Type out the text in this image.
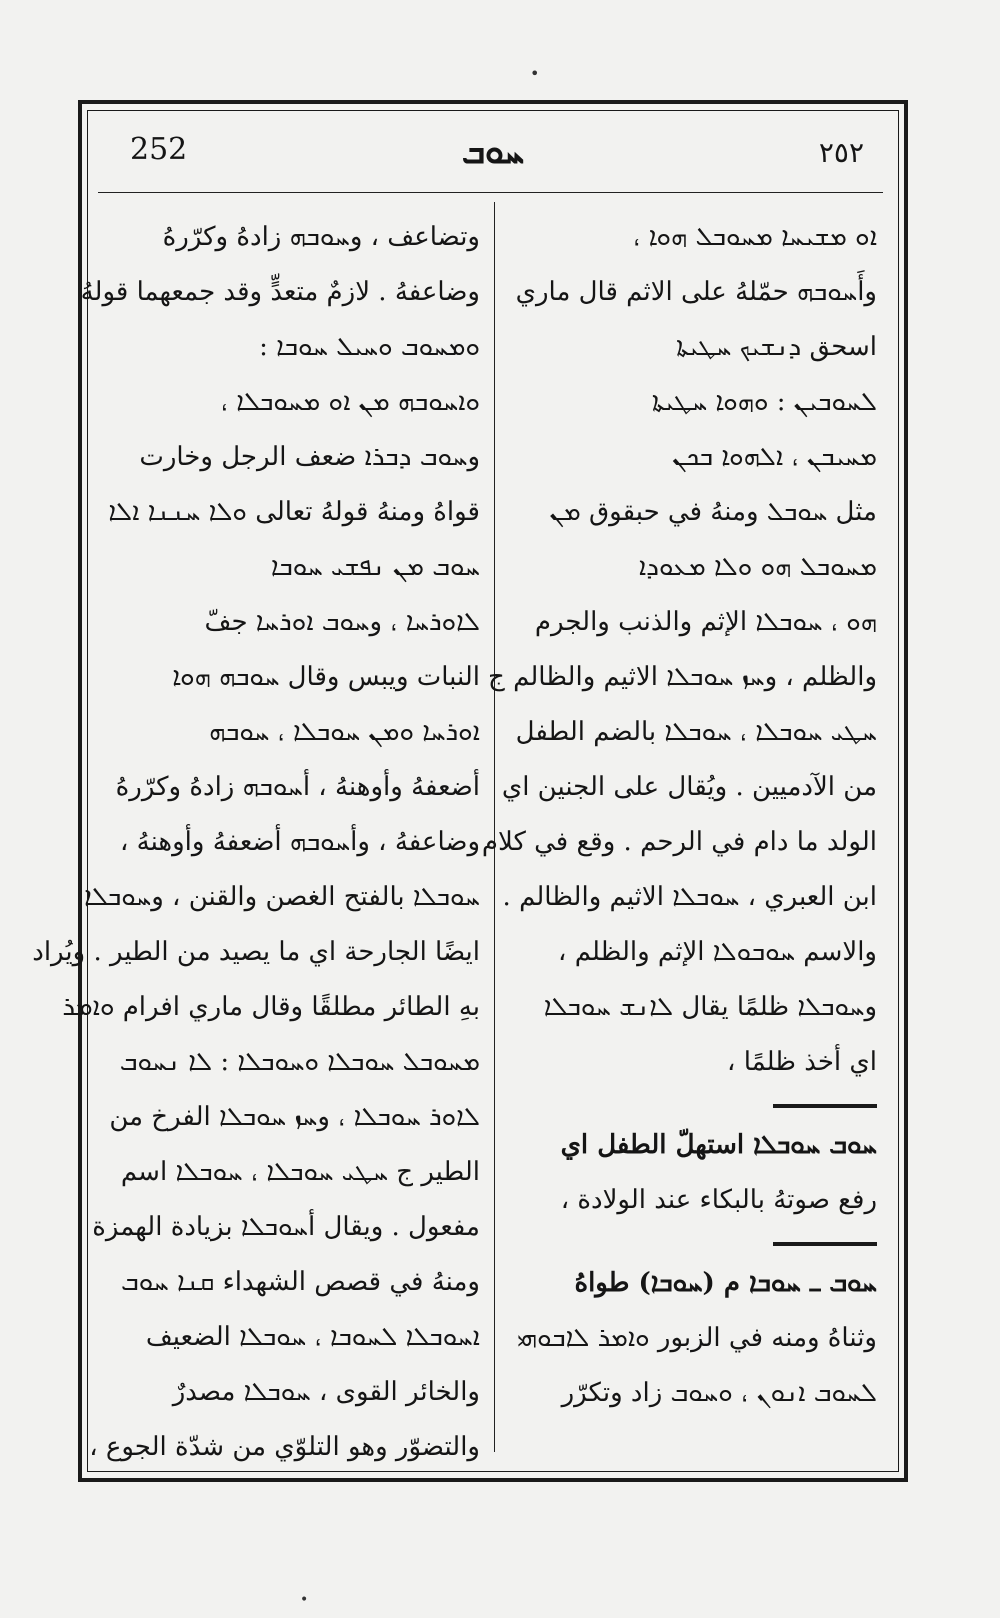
•
252	ܚܘܒ	٢٥٢
ܐܘ ܡܫܝܚܐ ܡܚܘܒܠ ܗܘܐ ،
وأَܚܘܒܗ حمّلهُ على الاثم قال ماري
اسحق ܕܢܫܝܟ ܚܛܝܬܐ
ܠܚܘܒܝܢ : ܘܗܘܐ ܚܛܝܬܐ
ܡܚܝܒܢ ، ܐܠܗܘܐ ܒܟܢ
مثل ܚܘܒܠ ومنهُ في حبقوق ܡܢ
ܡܚܘܒܠ ܗܘ ܘܠܐ ܡܥܘܕܐ
ܗܘ ، ܚܘܒܠܐ الإثم والذنب والجرم
والظلم ، وܚܙ ܚܘܒܠܐ الاثيم والظالم ج
ܚܛܝ ܚܘܒܠܐ ، ܚܘܒܠܐ بالضم الطفل
من الآدميين . ويُقال على الجنين اي
الولد ما دام في الرحم . وقع في كلام
ابن العبري ، ܚܘܒܠܐ الاثيم والظالم .
والاسم ܚܘܒܘܠܐ الإثم والظلم ،
وܚܘܒܠܐ ظلمًا يقال ܠܐܢܫ ܚܘܒܠܐ
اي أخذ ظلمًا ،
ܚܘܒ ܚܘܒܠܐ استهلّ الطفل اي
رفع صوتهُ بالبكاء عند الولادة ،
ܚܘܒ ـ ܚܘܒܐ م (ܚܘܒܐ) طواهُ
وثناهُ ومنه في الزبور ܘܐܡܪ ܠܐܒܘܗܝ
ܠܚܘܒ ܐܢܘܢ ، ܘܚܘܒ زاد وتكرّر
وتضاعف ، وܚܘܒܗ زادهُ وكرّرهُ
وضاعفهُ . لازمٌ متعدٍّ وقد جمعهما قولهُ
ܘܡܚܘܒ ܘܚܝܠ ܚܘܒܐ :
ܘܐܚܘܒܗ ܡܢ ܐܘ ܡܚܘܒܠܐ ،
وܚܘܒ ܕܒܪܐ ضعف الرجل وخارت
قواهُ ومنهُ قولهُ تعالى ܘܠܐ ܚܢܢܐ ܐܠܐ
ܚܘܒ ܡܢ ܢܦܫܝ ܚܘܒܐ
ܠܐܘܪܚܐ ، وܚܘܒ ܐܘܪܚܐ جفّ
النبات ويبس وقال ܚܘܒܗ ܗܘܐ
ܐܘܪܚܐ ܘܡܢ ܚܘܒܠܐ ، ܚܘܒܗ
أضعفهُ وأوهنهُ ، أܚܘܒܗ زادهُ وكرّرهُ
وضاعفهُ ، وأܚܘܒܗ أضعفهُ وأوهنهُ ،
ܚܘܒܠܐ بالفتح الغصن والقنن ، وܚܘܒܠܐ
ايضًا الجارحة اي ما يصيد من الطير . ويُراد
بهِ الطائر مطلقًا وقال ماري افرام ܘܐܡܪ
ܡܚܘܒܠ ܚܘܒܠܐ ܘܚܘܒܠܐ : ܠܐ ܢܚܘܒ
ܠܐܘܪ ܚܘܒܠܐ ، وܚܙ ܚܘܒܠܐ الفرخ من
الطير ج ܚܛܝ ܚܘܒܠܐ ، ܚܘܒܠܐ اسم
مفعول . ويقال أܚܘܒܠܐ بزيادة الهمزة
ومنهُ في قصص الشهداء ܩܢܐ ܚܘܒ
ܐܚܘܒܠܐ ܠܚܘܒܐ ، ܚܘܒܠܐ الضعيف
والخائر القوى ، ܚܘܒܠܐ مصدرٌ
والتضوّر وهو التلوّي من شدّة الجوع ،
•
